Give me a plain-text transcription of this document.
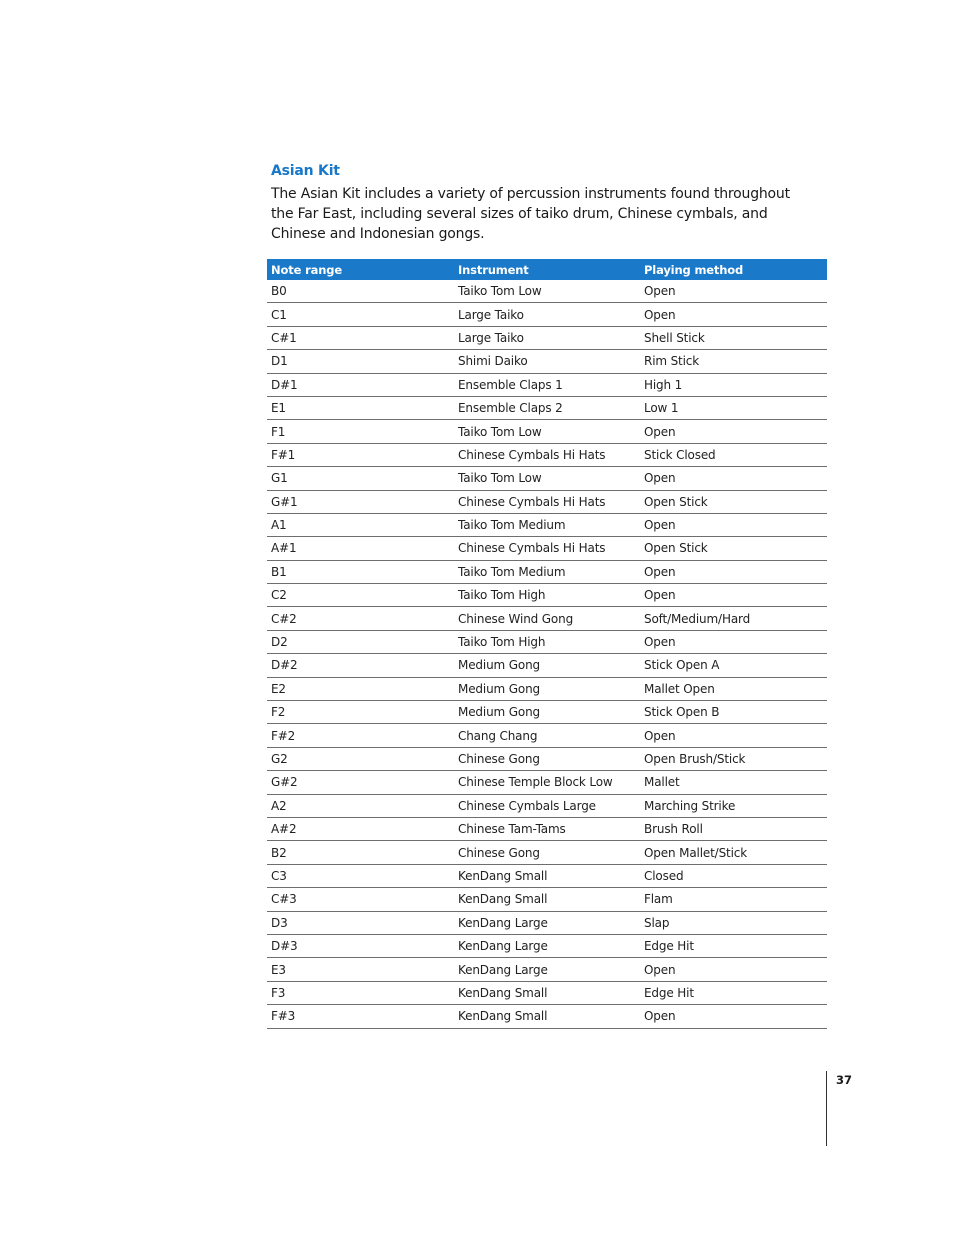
Asian Kit
The Asian Kit includes a variety of percussion instruments found throughout the Far East, including several sizes of taiko drum, Chinese cymbals, and Chinese and Indonesian gongs.
Note range	Instrument	Playing method
B0	Taiko Tom Low	Open
C1	Large Taiko	Open
C#1	Large Taiko	Shell Stick
D1	Shimi Daiko	Rim Stick
D#1	Ensemble Claps 1	High 1
E1	Ensemble Claps 2	Low 1
F1	Taiko Tom Low	Open
F#1	Chinese Cymbals Hi Hats	Stick Closed
G1	Taiko Tom Low	Open
G#1	Chinese Cymbals Hi Hats	Open Stick
A1	Taiko Tom Medium	Open
A#1	Chinese Cymbals Hi Hats	Open Stick
B1	Taiko Tom Medium	Open
C2	Taiko Tom High	Open
C#2	Chinese Wind Gong	Soft/Medium/Hard
D2	Taiko Tom High	Open
D#2	Medium Gong	Stick Open A
E2	Medium Gong	Mallet Open
F2	Medium Gong	Stick Open B
F#2	Chang Chang	Open
G2	Chinese Gong	Open Brush/Stick
G#2	Chinese Temple Block Low	Mallet
A2	Chinese Cymbals Large	Marching Strike
A#2	Chinese Tam-Tams	Brush Roll
B2	Chinese Gong	Open Mallet/Stick
C3	KenDang Small	Closed
C#3	KenDang Small	Flam
D3	KenDang Large	Slap
D#3	KenDang Large	Edge Hit
E3	KenDang Large	Open
F3	KenDang Small	Edge Hit
F#3	KenDang Small	Open
37
